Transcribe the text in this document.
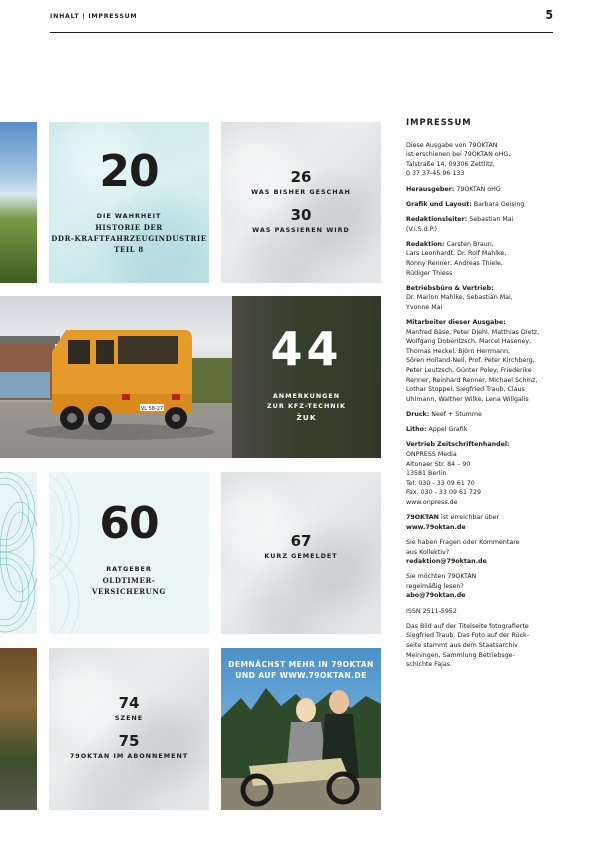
INHALT | IMPRESSUM	5
20
DIE WAHRHEIT
HISTORIE DER
DDR-KRAFTFAHRZEUGINDUSTRIE
TEIL 8
26
WAS BISHER GESCHAH
30
WAS PASSIEREN WIRD
VL 58-27
44
ANMERKUNGEN
ZUR KFZ-TECHNIK
ŽUK
60
RATGEBER
OLDTIMER-
VERSICHERUNG
67
KURZ GEMELDET
74
SZENE
75
79OKTAN IM ABONNEMENT
DEMNÄCHST MEHR IN 79OKTAN
UND AUF WWW.79OKTAN.DE
IMPRESSUM

Diese Ausgabe von 79OKTAN
ist erschienen bei 79OKTAN oHG,
Talstraße 14, 09306 Zettlitz,
0 37 37-45 96 133

Herausgeber: 79OKTAN oHG

Grafik und Layout: Barbara Geising

Redaktionsleiter: Sebastian Mai
(V.i.S.d.P.)

Redaktion: Carsten Braun,
Lars Leonhardt, Dr. Rolf Mahlke,
Ronny Renner, Andreas Thiele,
Rüdiger Thiess

Betriebsbüro & Vertrieb:
Dr. Marion Mahlke, Sebastian Mai,
Yvonne Mai

Mitarbeiter dieser Ausgabe:
Manfred Bäse, Peter Diehl, Matthias Dietz,
Wolfgang Doberitzsch, Marcel Haseney,
Thomas Heckel, Björn Herrmann,
Sören Holland-Nell, Prof. Peter Kirchberg,
Peter Leutzsch, Günter Poley, Friederike
Renner, Reinhard Renner, Michael Schinz,
Lothar Stoppel, Siegfried Traub, Claus
Uhlmann, Walther Wilke, Lena Willgalis

Druck: Neef + Stumme

Litho: Appel Grafik

Vertrieb Zeitschriftenhandel:
ONPRESS Media
Altonaer Str. 84 – 90
13581 Berlin
Tel. 030 - 33 09 61 70
Fax. 030 - 33 09 61 729
www.onpress.de

79OKTAN ist erreichbar über
www.79oktan.de

Sie haben Fragen oder Kommentare
aus Kollektiv?
redaktion@79oktan.de

Sie möchten 79OKTAN
regelmäßig lesen?
abo@79oktan.de

ISSN 2511-5952

Das Bild auf der Titelseite fotografierte
Siegfried Traub. Das Foto auf der Rück-
seite stammt aus dem Staatsarchiv
Meiningen, Sammlung Betriebsge-
schichte Fajas.
